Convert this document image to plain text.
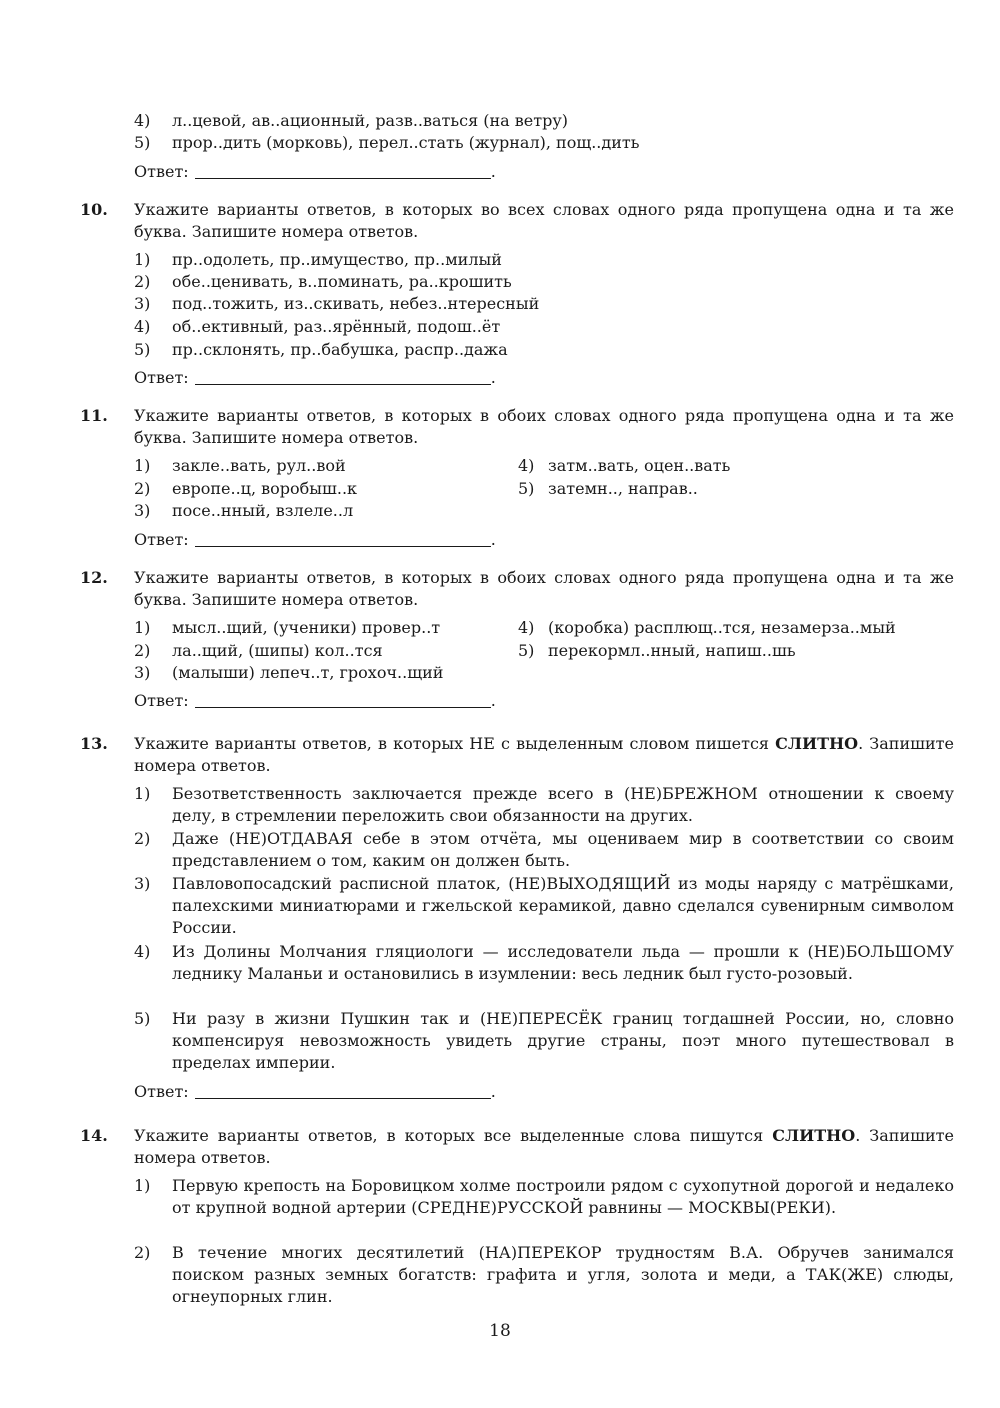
4) л..цевой, ав..ационный, разв..ваться (на ветру)
5) прор..дить (морковь), перел..стать (журнал), пощ..дить
Ответ:	.
10. Укажите варианты ответов, в которых во всех словах одного ряда пропущена одна и та же буква. Запишите номера ответов.
1) пр..одолеть, пр..имущество, пр..милый
2) обе..ценивать, в..поминать, ра..крошить
3) под..тожить, из..скивать, небез..нтересный
4) об..ективный, раз..ярённый, подош..ёт
5) пр..склонять, пр..бабушка, распр..дажа
Ответ:	.
11. Укажите варианты ответов, в которых в обоих словах одного ряда пропущена одна и та же буква. Запишите номера ответов.
1) закле..вать, рул..вой
2) европе..ц, воробыш..к
3) посе..нный, взлеле..л
4) затм..вать, оцен..вать
5) затемн.., направ..
Ответ:	.
12. Укажите варианты ответов, в которых в обоих словах одного ряда пропущена одна и та же буква. Запишите номера ответов.
1) мысл..щий, (ученики) провер..т
2) ла..щий, (шипы) кол..тся
3) (малыши) лепеч..т, грохоч..щий
4) (коробка) расплющ..тся, незамерза..мый
5) перекормл..нный, напиш..шь
Ответ:	.
13. Укажите варианты ответов, в которых НЕ с выделенным словом пишется СЛИТНО. Запишите номера ответов.
1) Безответственность заключается прежде всего в (НЕ)БРЕЖНОМ отношении к своему делу, в стремлении переложить свои обязанности на других.
2) Даже (НЕ)ОТДАВАЯ себе в этом отчёта, мы оцениваем мир в соответствии со своим представлением о том, каким он должен быть.
3) Павловопосадский расписной платок, (НЕ)ВЫХОДЯЩИЙ из моды наряду с матрёшками, палехскими миниатюрами и гжельской керамикой, давно сделался сувенирным символом России.
4) Из Долины Молчания гляциологи — исследователи льда — прошли к (НЕ)БОЛЬШОМУ леднику Маланьи и остановились в изумлении: весь ледник был густо-розовый.
5) Ни разу в жизни Пушкин так и (НЕ)ПЕРЕСЁК границ тогдашней России, но, словно компенсируя невозможность увидеть другие страны, поэт много путешествовал в пределах империи.
Ответ:	.
14. Укажите варианты ответов, в которых все выделенные слова пишутся СЛИТНО. Запишите номера ответов.
1) Первую крепость на Боровицком холме построили рядом с сухопутной дорогой и недалеко от крупной водной артерии (СРЕДНЕ)РУССКОЙ равнины — МОСКВЫ(РЕКИ).
2) В течение многих десятилетий (НА)ПЕРЕКОР трудностям В.А. Обручев занимался поиском разных земных богатств: графита и угля, золота и меди, а ТАК(ЖЕ) слюды, огнеупорных глин.
18
